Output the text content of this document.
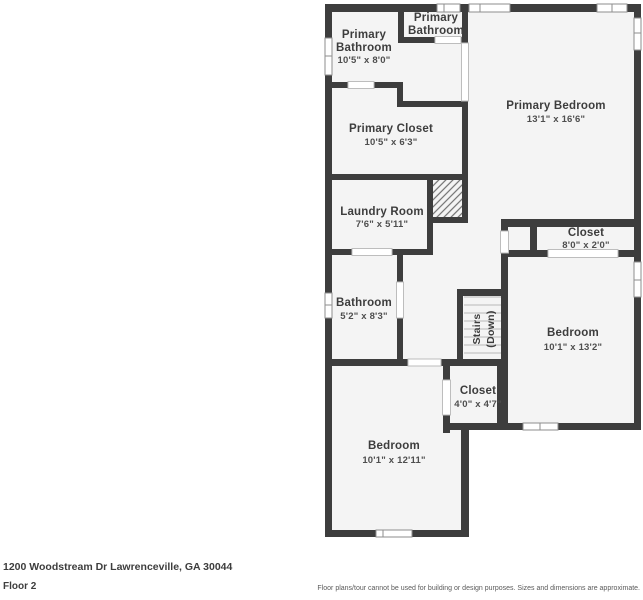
Primary
Bathroom
Primary
Bathroom
10'5" x 8'0"
Primary Bedroom
13'1" x 16'6"
Primary Closet
10'5" x 6'3"
Laundry Room
7'6" x 5'11"
Closet
8'0" x 2'0"
Bathroom
5'2" x 8'3"
Bedroom
10'1" x 13'2"
Closet
4'0" x 4'7"
Bedroom
10'1" x 12'11"
Stairs (Down)
1200 Woodstream Dr Lawrenceville, GA 30044
Floor 2	Floor plans/tour cannot be used for building or design purposes. Sizes and dimensions are approximate.
